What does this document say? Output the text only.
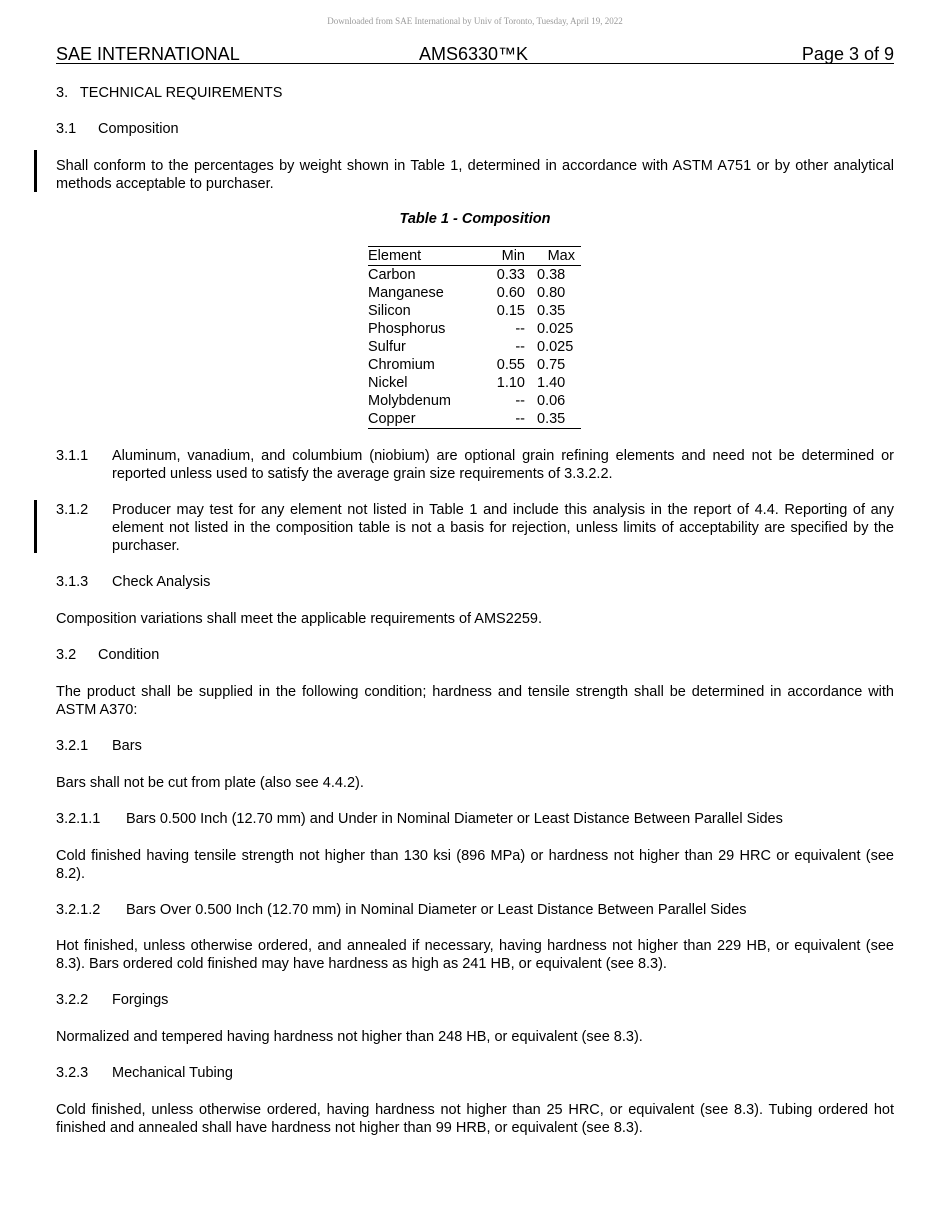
Downloaded from SAE International by Univ of Toronto, Tuesday, April 19, 2022
SAE INTERNATIONAL	AMS6330™K	Page 3 of 9
3.   TECHNICAL REQUIREMENTS
3.1 Composition
Shall conform to the percentages by weight shown in Table 1, determined in accordance with ASTM A751 or by other analytical methods acceptable to purchaser.
Table 1 - Composition
Element	Min	Max
Carbon	0.33	0.38
Manganese	0.60	0.80
Silicon	0.15	0.35
Phosphorus	--	0.025
Sulfur	--	0.025
Chromium	0.55	0.75
Nickel	1.10	1.40
Molybdenum	--	0.06
Copper	--	0.35
3.1.1 Aluminum, vanadium, and columbium (niobium) are optional grain refining elements and need not be determined or reported unless used to satisfy the average grain size requirements of 3.3.2.2.
3.1.2 Producer may test for any element not listed in Table 1 and include this analysis in the report of 4.4. Reporting of any element not listed in the composition table is not a basis for rejection, unless limits of acceptability are specified by the purchaser.
3.1.3 Check Analysis
Composition variations shall meet the applicable requirements of AMS2259.
3.2 Condition
The product shall be supplied in the following condition; hardness and tensile strength shall be determined in accordance with ASTM A370:
3.2.1 Bars
Bars shall not be cut from plate (also see 4.4.2).
3.2.1.1 Bars 0.500 Inch (12.70 mm) and Under in Nominal Diameter or Least Distance Between Parallel Sides
Cold finished having tensile strength not higher than 130 ksi (896 MPa) or hardness not higher than 29 HRC or equivalent (see 8.2).
3.2.1.2 Bars Over 0.500 Inch (12.70 mm) in Nominal Diameter or Least Distance Between Parallel Sides
Hot finished, unless otherwise ordered, and annealed if necessary, having hardness not higher than 229 HB, or equivalent (see 8.3). Bars ordered cold finished may have hardness as high as 241 HB, or equivalent (see 8.3).
3.2.2 Forgings
Normalized and tempered having hardness not higher than 248 HB, or equivalent (see 8.3).
3.2.3 Mechanical Tubing
Cold finished, unless otherwise ordered, having hardness not higher than 25 HRC, or equivalent (see 8.3). Tubing ordered hot finished and annealed shall have hardness not higher than 99 HRB, or equivalent (see 8.3).
